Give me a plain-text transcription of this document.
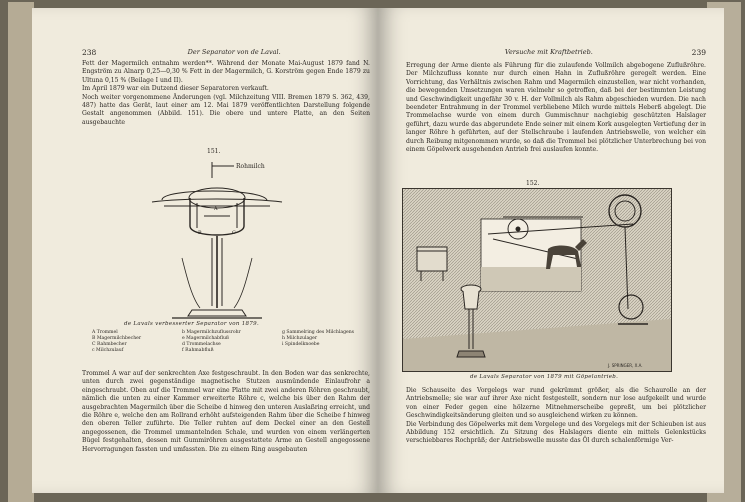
238	Der Separator von de Laval.

Fett der Magermilch entnahm werden**. Während der Monate Mai-August 1879 fand N. Engström zu Alnarp 0,25—0,30 % Fett in der Magermilch, G. Korström gegen Ende 1879 zu Ultuna 0,15 % (Beilage I und II).
Im April 1879 war ein Dutzend dieser Separatoren verkauft.
Noch weiter vorgenommene Änderungen (vgl. Milchzeitung VIII. Bremen 1879 S. 362, 439, 487) hatte das Gerät, laut einer am 12. Mai 1879 veröffentlichten Darstellung folgende Gestalt angenommen (Abbild. 151). Die obere und untere Platte, an den Seiten ausgebauchte

151.
Rohmilch
A
B	C
de Lavals verbesserter Separator von 1879.
A Trommel	b Magermilchzuflussrohr	g Sammelring des Milchlagens
B Magermilchbecher	e Magermilchabfluß	h Milchzulager
C Rahmbecher	d Trommelachse	i Spindelknoebe
c Milchzulauf	f Rahmabfluß

Trommel A war auf der senkrechten Axe festgeschraubt. In den Boden war das senkrechte, unten durch zwei gegenständige magnetische Stutzen ausmündende Einlaufrohr a eingeschraubt. Oben auf die Trommel war eine Platte mit zwei anderen Röhren geschraubt, nämlich die unten zu einer Kammer erweiterte Röhre c, welche bis über den Rahm der ausgebrachten Magermilch über die Scheibe d hinweg den unteren Auslaßring erreicht, und die Röhre e, welche den am Rollrand erhöht aufsteigenden Rahm über die Scheibe f hinweg den oberen Teller zuführte. Die Teller ruhten auf dem Deckel einer an den Gestell angegossenen, die Trommel ummantelnden Schale, und wurden von einem verlängerten Bügel festgehalten, dessen mit Gummiröhren ausgestattete Arme an Gestell angegossene Hervorragungen fassten und umfassten. Die zu einem Ring ausgebauten

Versuche mit Kraftbetrieb.	239

Erregung der Arme diente als Führung für die zulaufende Vollmilch abgebogene Zuflußröhre. Der Milchzufluss konnte nur durch einen Hahn in Zuflußröhre geregelt werden. Eine Vorrichtung, das Verhältnis zwischen Rahm und Magermilch einzustellen, war nicht vorhanden, die bewegenden Umsetzungen waren vielmehr so getroffen, daß bei der bestimmten Leistung und Geschwindigkeit ungefähr 30 v. H. der Vollmilch als Rahm abgeschieden wurden. Die nach beendeter Entrahmung in der Trommel verbliebene Milch wurde mittels Heberß abgelegt. Die Trommelachse wurde von einem durch Gummischnur nachgiebig geschützten Halslager geführt, dazu wurde das abgerundete Ende seiner mit einem Kork ausgelegten Vertiefung der in langer Röhre h geführten, auf der Stellschraube i laufenden Antriebswelle, von welcher ein durch Reibung mitgenommen wurde, so daß die Trommel bei plötzlicher Unterbrechung bei von einem Göpelwerk ausgehenden Antrieb frei auslaufen konnte.

152.
J. SPRINGER, X.A.
de Lavals Separator von 1879 mit Göpelantrieb.

Die Schauseite des Vorgelegs war rund gekrümmt größer, als die Schaurolle an der Antriebsmelle; sie war auf ihrer Axe nicht festgestellt, sondern nur lose aufgekeilt und wurde von einer Feder gegen eine hölzerne Mitnehmerscheibe gepreßt, um bei plötzlicher Geschwindigkeitsänderung gleiten und so ausgleichend wirken zu können.
Die Verbindung des Göpelwerks mit dem Vorgelege und des Vorgelegs mit der Schieuben ist aus Abbildung 152 ersichtlich. Zu Sitzung des Halslagers diente ein mittels Gelenkstücks verschiebbares Rochpräß; der Antriebswelle musste das Öl durch schalenförmige Ver-
